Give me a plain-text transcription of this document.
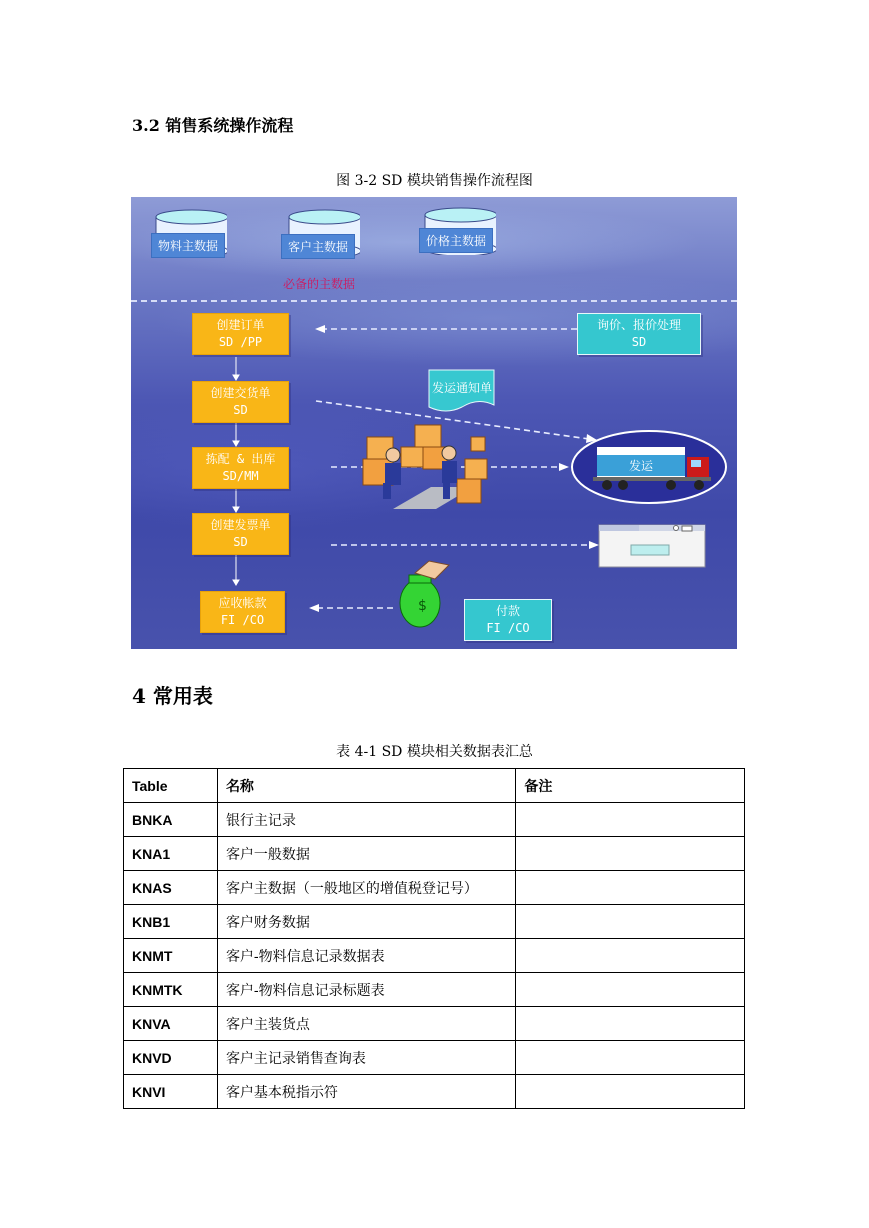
3.2 销售系统操作流程
图 3-2 SD 模块销售操作流程图
物料主数据	客户主数据	价格主数据
必备的主数据
$
发运通知单
发运
创建订单
SD /PP
创建交货单
SD
拣配 & 出库
SD/MM
创建发票单
SD
应收帐款
FI /CO
询价、报价处理
SD
付款
FI /CO
4 常用表
表 4-1 SD 模块相关数据表汇总
Table	名称	备注
BNKA	银行主记录	
KNA1	客户一般数据	
KNAS	客户主数据（一般地区的增值税登记号）	
KNB1	客户财务数据	
KNMT	客户-物料信息记录数据表	
KNMTK	客户-物料信息记录标题表	
KNVA	客户主装货点	
KNVD	客户主记录销售查询表	
KNVI	客户基本税指示符	
